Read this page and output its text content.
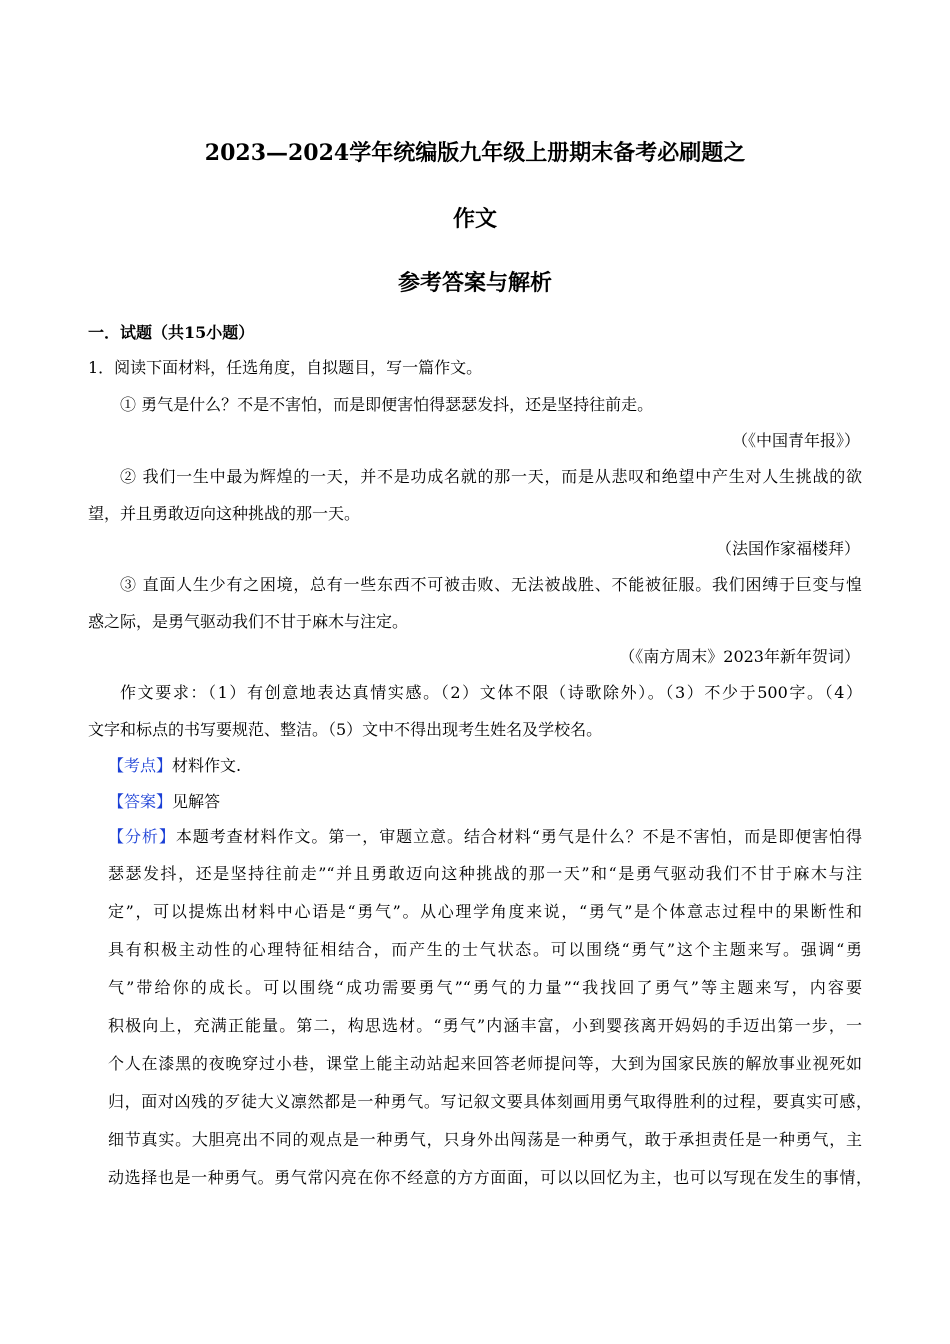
2023—2024学年统编版九年级上册期末备考必刷题之
作文
参考答案与解析
一．试题（共15小题）
1．阅读下面材料，任选角度，自拟题目，写一篇作文。
① 勇气是什么？不是不害怕，而是即便害怕得瑟瑟发抖，还是坚持往前走。
（《中国青年报》）
② 我们一生中最为辉煌的一天，并不是功成名就的那一天，而是从悲叹和绝望中产生对人生挑战的欲
望，并且勇敢迈向这种挑战的那一天。
（法国作家福楼拜）
③ 直面人生少有之困境，总有一些东西不可被击败、无法被战胜、不能被征服。我们困缚于巨变与惶
惑之际，是勇气驱动我们不甘于麻木与注定。
（《南方周末》2023年新年贺词）
作文要求：（1）有创意地表达真情实感。（2）文体不限（诗歌除外）。（3）不少于500字。（4）
文字和标点的书写要规范、整洁。（5）文中不得出现考生姓名及学校名。
【考点】材料作文.
【答案】见解答
【分析】本题考查材料作文。第一，审题立意。结合材料“勇气是什么？不是不害怕，而是即便害怕得
瑟瑟发抖，还是坚持往前走”“并且勇敢迈向这种挑战的那一天”和“是勇气驱动我们不甘于麻木与注
定”，可以提炼出材料中心语是“勇气”。从心理学角度来说，“勇气”是个体意志过程中的果断性和
具有积极主动性的心理特征相结合，而产生的士气状态。可以围绕“勇气”这个主题来写。强调“勇
气”带给你的成长。可以围绕“成功需要勇气”“勇气的力量”“我找回了勇气”等主题来写，内容要
积极向上，充满正能量。第二，构思选材。“勇气”内涵丰富，小到婴孩离开妈妈的手迈出第一步，一
个人在漆黑的夜晚穿过小巷，课堂上能主动站起来回答老师提问等，大到为国家民族的解放事业视死如
归，面对凶残的歹徒大义凛然都是一种勇气。写记叙文要具体刻画用勇气取得胜利的过程，要真实可感，
细节真实。大胆亮出不同的观点是一种勇气，只身外出闯荡是一种勇气，敢于承担责任是一种勇气，主
动选择也是一种勇气。勇气常闪亮在你不经意的方方面面，可以以回忆为主，也可以写现在发生的事情，
